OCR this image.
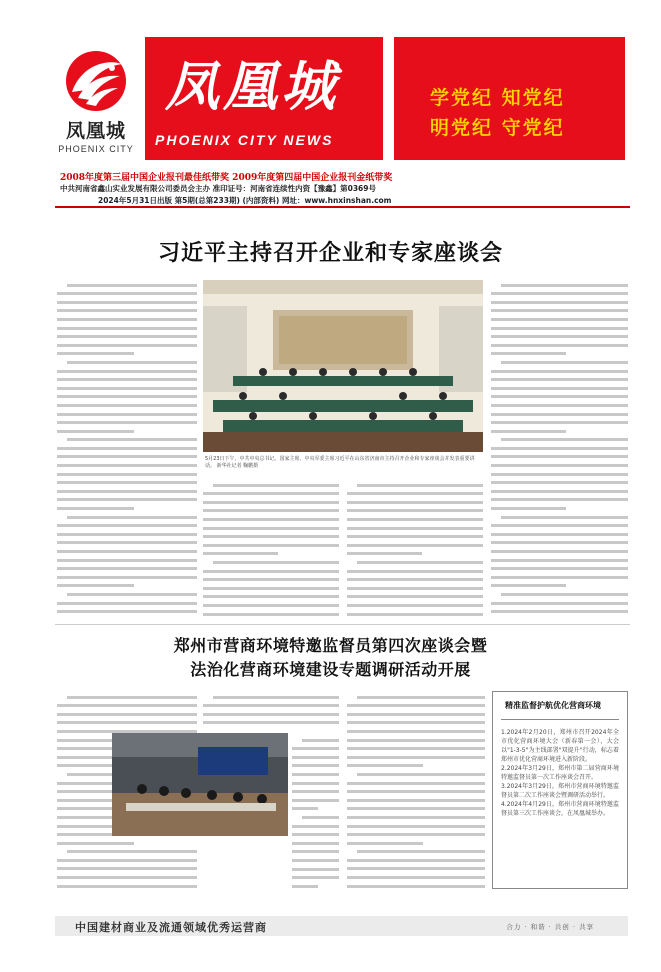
凤凰城
PHOENIX CITY
凤凰城
PHOENIX CITY NEWS
学党纪 知党纪
明党纪 守党纪
2008年度第三届中国企业报刊最佳纸带奖 2009年度第四届中国企业报刊金纸带奖
中共河南省鑫山实业发展有限公司委员会主办 准印证号：河南省连续性内资【豫鑫】第0369号
2024年5月31日出版 第5期(总第233期) (内部资料) 网址：www.hnxinshan.com
习近平主持召开企业和专家座谈会
5月23日下午，中共中央总书记、国家主席、中央军委主席习近平在山东省济南市主持召开企业和专家座谈会并发表重要讲话。 新华社记者 鞠鹏摄
郑州市营商环境特邀监督员第四次座谈会暨
法治化营商环境建设专题调研活动开展
精准监督护航优化营商环境
1.2024年2月20日，郑州市召开2024年全市优化营商环境大会（新春第一会），大会以"1-3-5"为主线部署"双提升"行动，标志着郑州市优化营商环境进入新阶段。
2.2024年3月29日，郑州市第二届营商环境特邀监督员第一次工作座谈会召开。
3.2024年3月29日，郑州市营商环境特邀监督员第二次工作座谈会暨调研活动举行。
4.2024年4月29日，郑州市营商环境特邀监督员第三次工作座谈会，在凤凰城举办。
中国建材商业及流通领域优秀运营商	合力 · 和谐 · 共创 · 共享
